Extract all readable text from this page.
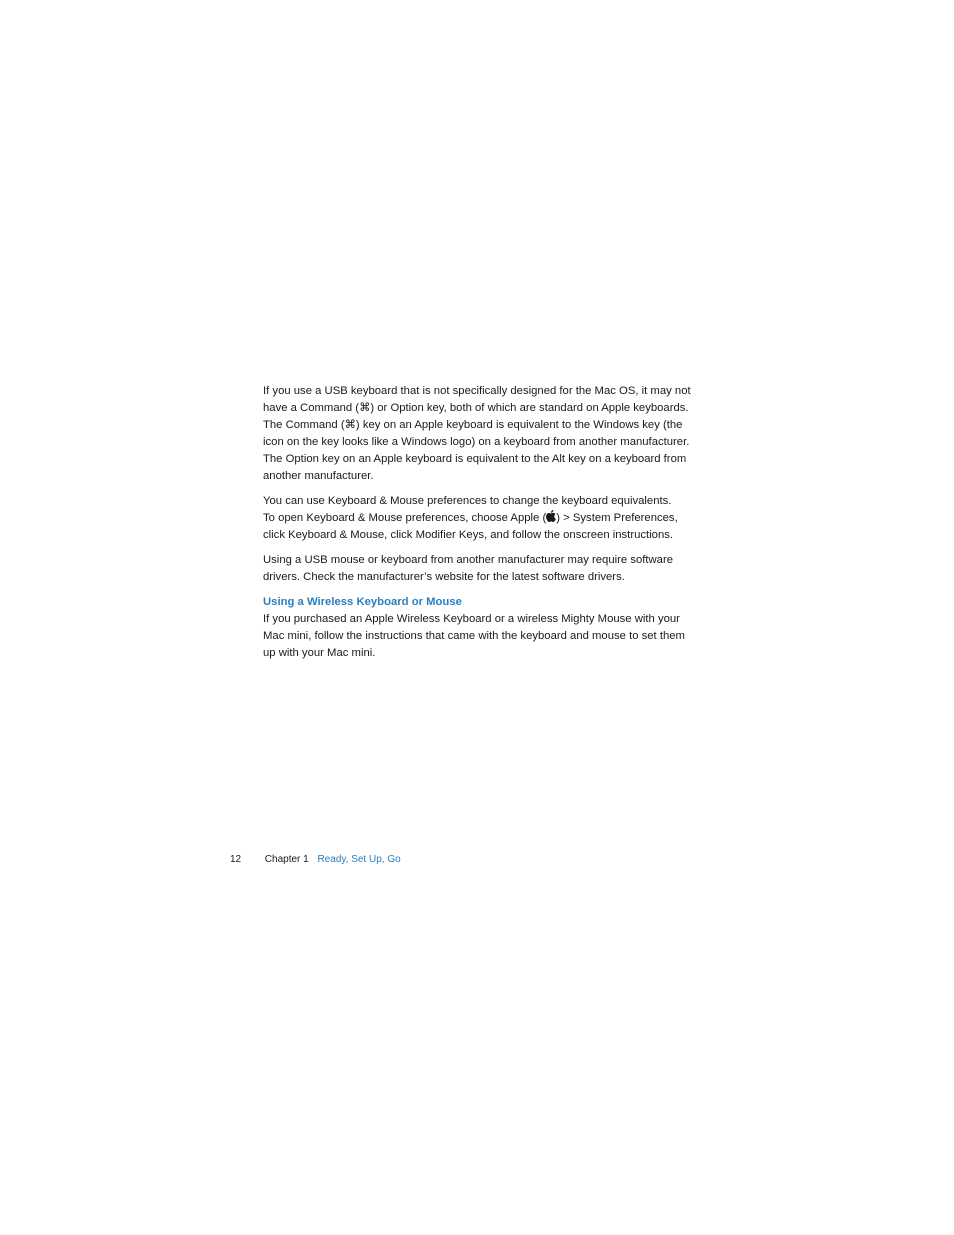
If you use a USB keyboard that is not specifically designed for the Mac OS, it may not
have a Command (⌘) or Option key, both of which are standard on Apple keyboards.
The Command (⌘) key on an Apple keyboard is equivalent to the Windows key (the
icon on the key looks like a Windows logo) on a keyboard from another manufacturer.
The Option key on an Apple keyboard is equivalent to the Alt key on a keyboard from
another manufacturer.

You can use Keyboard & Mouse preferences to change the keyboard equivalents.
To open Keyboard & Mouse preferences, choose Apple ( ) > System Preferences,
click Keyboard & Mouse, click Modifier Keys, and follow the onscreen instructions.

Using a USB mouse or keyboard from another manufacturer may require software
drivers. Check the manufacturer’s website for the latest software drivers.

Using a Wireless Keyboard or Mouse
If you purchased an Apple Wireless Keyboard or a wireless Mighty Mouse with your
Mac mini, follow the instructions that came with the keyboard and mouse to set them
up with your Mac mini.
12 Chapter 1 Ready, Set Up, Go
